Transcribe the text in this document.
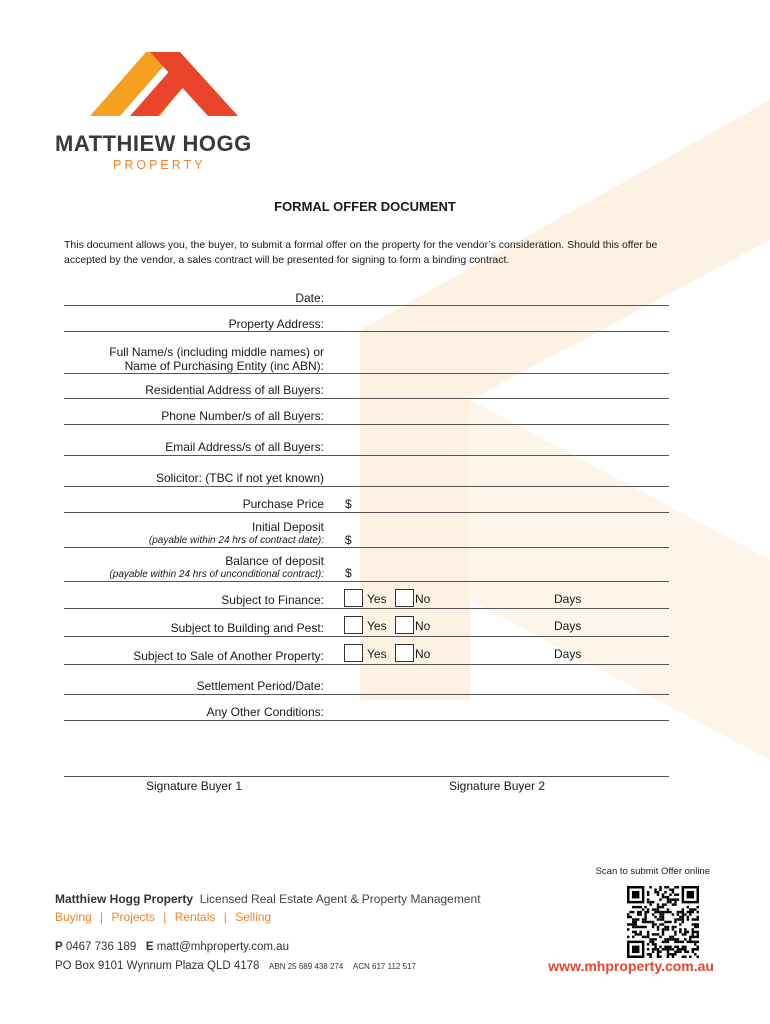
MATTHIEW HOGG
PROPERTY
FORMAL OFFER DOCUMENT
This document allows you, the buyer, to submit a formal offer on the property for the vendor’s consideration. Should this offer be accepted by the vendor, a sales contract will be presented for signing to form a binding contract.
Date:
Property Address:
Full Name/s (including middle names) or
Name of Purchasing Entity (inc ABN):
Residential Address of all Buyers:
Phone Number/s of all Buyers:
Email Address/s of all Buyers:
Solicitor: (TBC if not yet known)
Purchase Price $
Initial Deposit
(payable within 24 hrs of contract date): $
Balance of deposit
(payable within 24 hrs of unconditional contract): $
Subject to Finance:	Yes No	Days
Subject to Building and Pest:	Yes No	Days
Subject to Sale of Another Property:	Yes No	Days
Settlement Period/Date:
Any Other Conditions:
Signature Buyer 1	Signature Buyer 2
Scan to submit Offer online
Matthiew Hogg Property Licensed Real Estate Agent & Property Management
Buying | Projects | Rentals | Selling
P 0467 736 189 E matt@mhproperty.com.au
PO Box 9101 Wynnum Plaza QLD 4178 ABN 25 689 438 274 ACN 617 112 517	www.mhproperty.com.au
